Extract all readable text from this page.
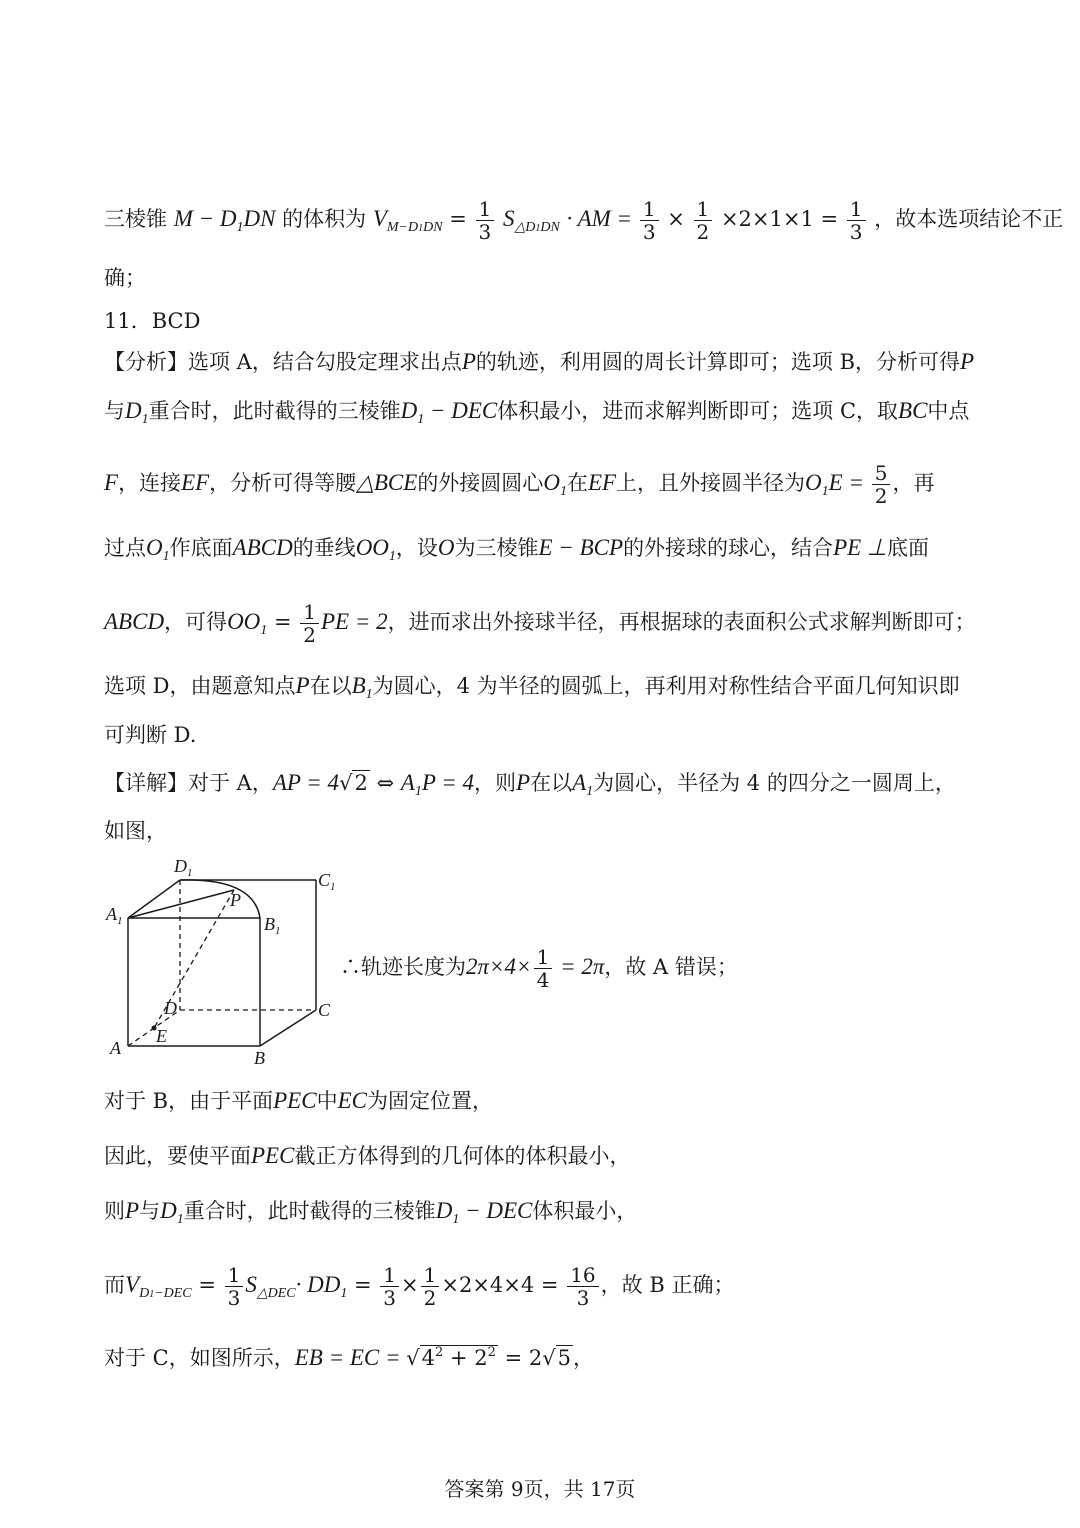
三棱锥 $M - D_1DN$ 的体积为 $V_{M-D1DN} = \frac{1}{3} S_{\triangle D1DN}$ · AM = $\frac{1}{3} \times \frac{1}{2} \times 2\times 1\times 1 = \frac{1}{3}$ ，故本选项结论不正
确；
11．BCD
【分析】选项 A，结合勾股定理求出点P的轨迹，利用圆的周长计算即可；选项 B，分析可得P
与$D_1$重合时，此时截得的三棱锥$D_1$ − DEC体积最小，进而求解判断即可；选项 C，取BC中点
F，连接EF，分析可得等腰△BCE的外接圆圆心$O_1$在EF上，且外接圆半径为$O_1E = \frac{5}{2}$ ，再
过点$O_1$作底面ABCD的垂线$OO_1$，设O为三棱锥E − BCP的外接球的球心，结合PE ⊥底面
ABCD，可得$OO_1 = \frac{1}{2}$ PE = 2，进而求出外接球半径，再根据球的表面积公式求解判断即可；
选项 D，由题意知点P在以$B_1$为圆心，4 为半径的圆弧上，再利用对称性结合平面几何知识即
可判断 D.
【详解】对于 A，AP = 4√2 ⇔ $A_1P = 4$，则P在以$A_1$为圆心，半径为 4 的四分之一圆周上，
如图，
$D_1$	$C_1$
$A_1$	$B_1$
P
D	C
A
E
B
∴轨迹长度为$2\pi\times 4\times \frac{1}{4} = 2\pi$，故 A 错误；
对于 B，由于平面PEC中EC为固定位置，
因此，要使平面PEC截正方体得到的几何体的体积最小，
则P与$D_1$重合时，此时截得的三棱锥$D_1$ − DEC体积最小，
而$V_{D1-DEC} = \frac{1}{3} S_{\triangle DEC}\cdot DD_1 = \frac{1}{3} \times \frac{1}{2} \times 2\times 4\times 4 = \frac{16}{3}$ ，故 B 正确；
对于 C，如图所示，EB = EC = $√4^2 + 2^2 = 2√5$，
答案第 9页，共 17页
